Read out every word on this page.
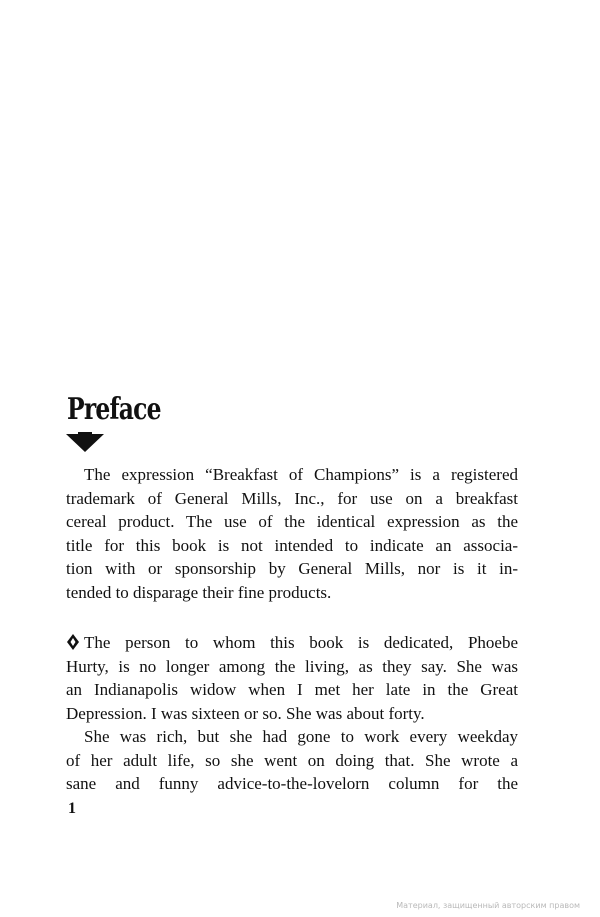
Preface
The expression “Breakfast of Champions” is a registered
trademark of General Mills, Inc., for use on a breakfast
cereal product. The use of the identical expression as the
title for this book is not intended to indicate an associa-
tion with or sponsorship by General Mills, nor is it in-
tended to disparage their fine products.
The person to whom this book is dedicated, Phoebe
Hurty, is no longer among the living, as they say. She was
an Indianapolis widow when I met her late in the Great
Depression. I was sixteen or so. She was about forty.
She was rich, but she had gone to work every weekday
of her adult life, so she went on doing that. She wrote a
sane and funny advice-to-the-lovelorn column for the
1
Материал, защищенный авторским правом
